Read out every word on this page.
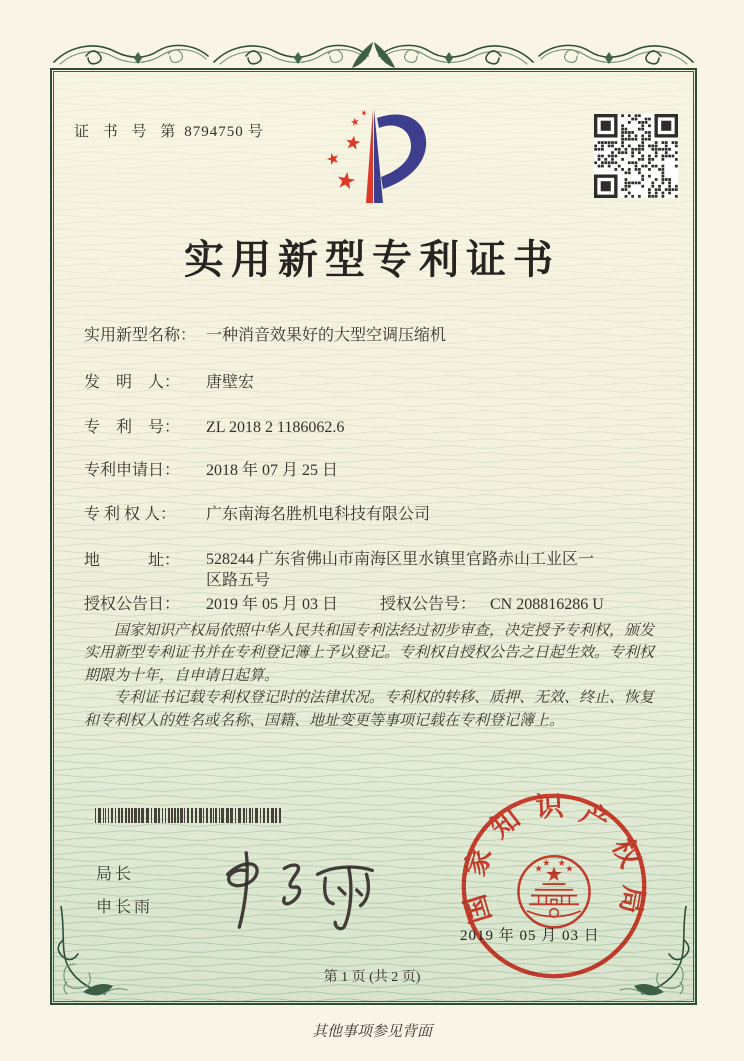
证 书 号 第 8794750 号
实用新型专利证书
实用新型名称： 一种消音效果好的大型空调压缩机
发　明　人：	唐壁宏
专　利　号：	ZL 2018 2 1186062.6
专利申请日：	2018 年 07 月 25 日
专 利 权 人：	广东南海名胜机电科技有限公司
地　　　址：	528244 广东省佛山市南海区里水镇里官路赤山工业区一区路五号
授权公告日：	2019 年 05 月 03 日	授权公告号： CN 208816286 U

国家知识产权局依照中华人民共和国专利法经过初步审查，决定授予专利权，颁发实用新型专利证书并在专利登记簿上予以登记。专利权自授权公告之日起生效。专利权期限为十年，自申请日起算。

专利证书记载专利权登记时的法律状况。专利权的转移、质押、无效、终止、恢复和专利权人的姓名或名称、国籍、地址变更等事项记载在专利登记簿上。

局长
申长雨	国家知识产权局
2019 年 05 月 03 日
第 1 页 (共 2 页)
其他事项参见背面
